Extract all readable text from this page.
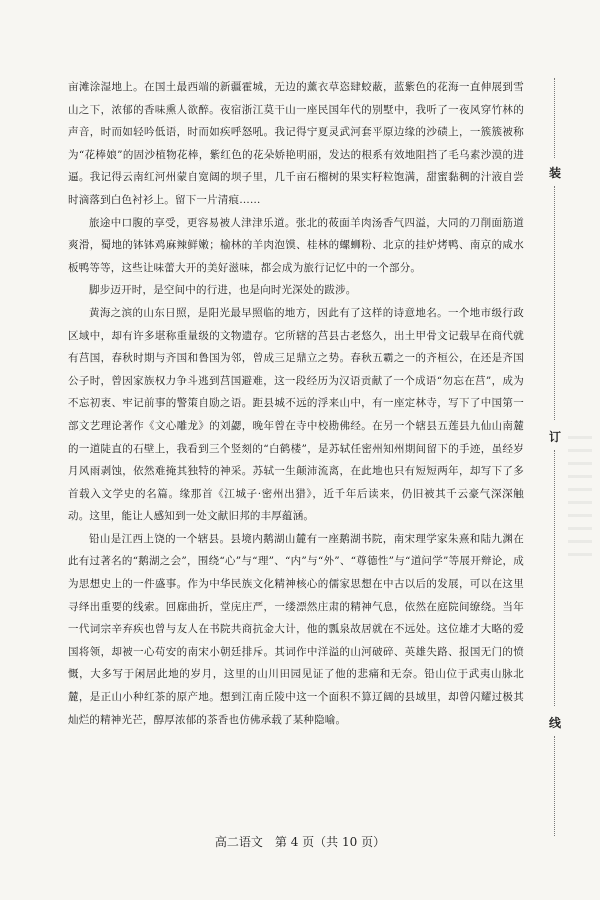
亩滩涂湿地上。在国土最西端的新疆霍城，无边的薰衣草恣肆蛟蔽，蓝紫色的花海一直伸展到雪山之下，浓郁的香味熏人欲醉。夜宿浙江莫干山一座民国年代的别墅中，我听了一夜风穿竹林的声音，时而如轻吟低语，时而如疾呼怒吼。我记得宁夏灵武河套平原边缘的沙碛上，一簇簇被称为“花棒娘”的固沙植物花棒，紫红色的花朵娇艳明丽，发达的根系有效地阻挡了毛乌素沙漠的进逼。我记得云南红河州蒙自宽阔的坝子里，几千亩石榴树的果实籽粒饱满，甜蜜黏稠的汁液自尝时滴落到白色衬衫上。留下一片清痕……

旅途中口腹的享受，更容易被人津津乐道。张北的莜面羊肉汤香气四溢，大同的刀削面筋道爽滑，蜀地的钵钵鸡麻辣鲜嫩；榆林的羊肉泡馍、桂林的螺蛳粉、北京的挂炉烤鸭、南京的咸水板鸭等等，这些让味蕾大开的美好滋味，都会成为旅行记忆中的一个部分。

脚步迈开时，是空间中的行进，也是向时光深处的跋涉。

黄海之滨的山东日照，是阳光最早照临的地方，因此有了这样的诗意地名。一个地市级行政区域中，却有许多堪称重量级的文物遗存。它所辖的莒县古老悠久，出土甲骨文记载早在商代就有莒国，春秋时期与齐国和鲁国为邻，曾成三足鼎立之势。春秋五霸之一的齐桓公，在还是齐国公子时，曾因家族权力争斗逃到莒国避难，这一段经历为汉语贡献了一个成语“勿忘在莒”，成为不忘初衷、牢记前事的警策自励之语。距县城不远的浮来山中，有一座定林寺，写下了中国第一部文艺理论著作《文心雕龙》的刘勰，晚年曾在寺中校勘佛经。在另一个辖县五莲县九仙山南麓的一道陡直的石壁上，我看到三个竖刻的“白鹤楼”，是苏轼任密州知州期间留下的手迹，虽经岁月风雨剥蚀，依然难掩其独特的神采。苏轼一生颠沛流离，在此地也只有短短两年，却写下了多首载入文学史的名篇。缘那首《江城子·密州出猎》，近千年后读来，仍旧被其千云豪气深深触动。这里，能让人感知到一处文献旧邦的丰厚蕴涵。

铅山是江西上饶的一个辖县。县境内鹅湖山麓有一座鹅湖书院，南宋理学家朱熹和陆九渊在此有过著名的“鹅湖之会”，围绕“心”与“理”、“内”与“外”、“尊德性”与“道问学”等展开辩论，成为思想史上的一件盛事。作为中华民族文化精神核心的儒家思想在中古以后的发展，可以在这里寻绎出重要的线索。回廊曲折，堂庑庄严，一缕漂然庄肃的精神气息，依然在庭院间缭绕。当年一代词宗辛弃疾也曾与友人在书院共商抗金大计，他的瓢泉故居就在不远处。这位雄才大略的爱国将领，却被一心苟安的南宋小朝廷排斥。其词作中洋溢的山河破碎、英雄失路、报国无门的愤慨，大多写于闲居此地的岁月，这里的山川田园见证了他的悲痛和无奈。铅山位于武夷山脉北麓，是正山小种红茶的原产地。想到江南丘陵中这一个面积不算辽阔的县域里，却曾闪耀过极其灿烂的精神光芒，醇厚浓郁的茶香也仿佛承载了某种隐喻。

装
订
线
高二语文　第 4 页（共 10 页）
